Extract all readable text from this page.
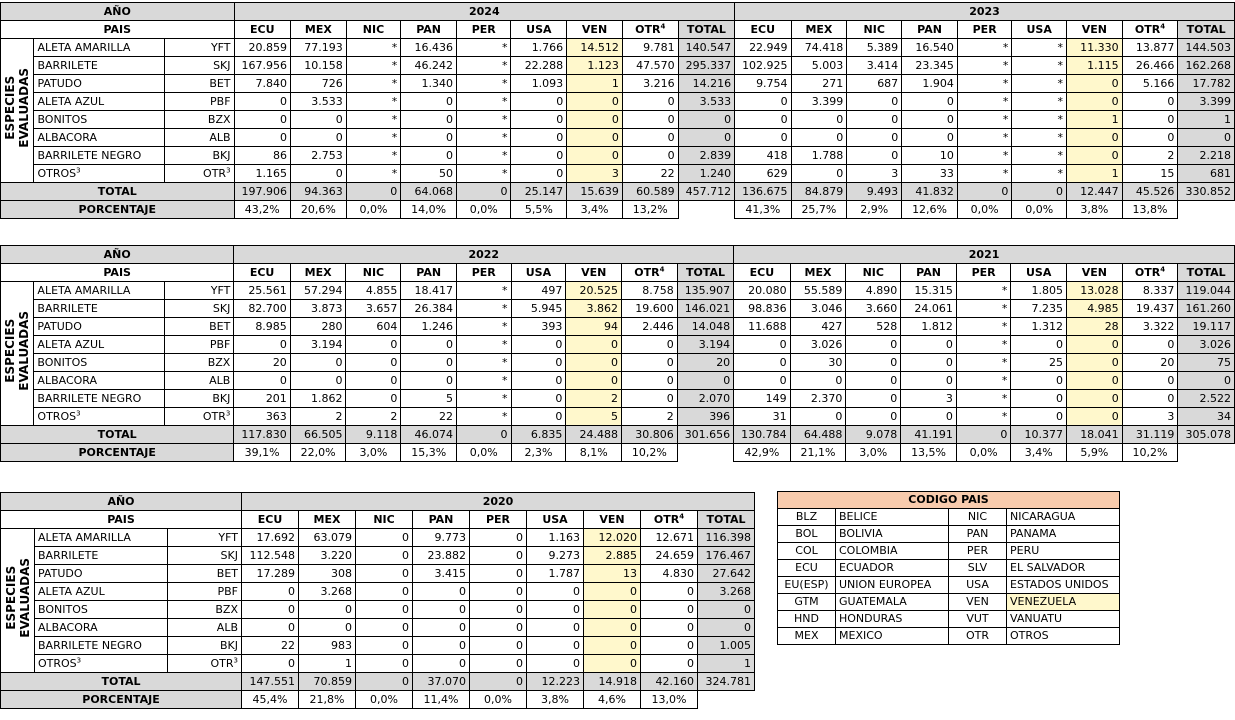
AÑO			2024									2023								
PAIS			ECU	MEX	NIC	PAN	PER	USA	VEN	OTR$^4$	TOTAL	ECU	MEX	NIC	PAN	PER	USA	VEN	OTR$^4$	TOTAL
ESPECIES
EVALUADAS	ALETA AMARILLA	YFT	20.859	77.193	*	16.436	*	1.766	14.512	9.781	140.547	22.949	74.418	5.389	16.540	*	*	11.330	13.877	144.503
	BARRILETE	SKJ	167.956	10.158	*	46.242	*	22.288	1.123	47.570	295.337	102.925	5.003	3.414	23.345	*	*	1.115	26.466	162.268
	PATUDO	BET	7.840	726	*	1.340	*	1.093	1	3.216	14.216	9.754	271	687	1.904	*	*	0	5.166	17.782
	ALETA AZUL	PBF	0	3.533	*	0	*	0	0	0	3.533	0	3.399	0	0	*	*	0	0	3.399
	BONITOS	BZX	0	0	*	0	*	0	0	0	0	0	0	0	0	*	*	1	0	1
	ALBACORA	ALB	0	0	*	0	*	0	0	0	0	0	0	0	0	*	*	0	0	0
	BARRILETE NEGRO	BKJ	86	2.753	*	0	*	0	0	0	2.839	418	1.788	0	10	*	*	0	2	2.218
	OTROS$^3$	OTR$^3$	1.165	0	*	50	*	0	3	22	1.240	629	0	3	33	*	*	1	15	681
TOTAL			197.906	94.363	0	64.068	0	25.147	15.639	60.589	457.712	136.675	84.879	9.493	41.832	0	0	12.447	45.526	330.852
PORCENTAJE			43,2%	20,6%	0,0%	14,0%	0,0%	5,5%	3,4%	13,2%		41,3%	25,7%	2,9%	12,6%	0,0%	0,0%	3,8%	13,8%	
AÑO			2022									2021								
PAIS			ECU	MEX	NIC	PAN	PER	USA	VEN	OTR$^4$	TOTAL	ECU	MEX	NIC	PAN	PER	USA	VEN	OTR$^4$	TOTAL
ESPECIES
EVALUADAS	ALETA AMARILLA	YFT	25.561	57.294	4.855	18.417	*	497	20.525	8.758	135.907	20.080	55.589	4.890	15.315	*	1.805	13.028	8.337	119.044
	BARRILETE	SKJ	82.700	3.873	3.657	26.384	*	5.945	3.862	19.600	146.021	98.836	3.046	3.660	24.061	*	7.235	4.985	19.437	161.260
	PATUDO	BET	8.985	280	604	1.246	*	393	94	2.446	14.048	11.688	427	528	1.812	*	1.312	28	3.322	19.117
	ALETA AZUL	PBF	0	3.194	0	0	*	0	0	0	3.194	0	3.026	0	0	*	0	0	0	3.026
	BONITOS	BZX	20	0	0	0	*	0	0	0	20	0	30	0	0	*	25	0	20	75
	ALBACORA	ALB	0	0	0	0	*	0	0	0	0	0	0	0	0	*	0	0	0	0
	BARRILETE NEGRO	BKJ	201	1.862	0	5	*	0	2	0	2.070	149	2.370	0	3	*	0	0	0	2.522
	OTROS$^3$	OTR$^3$	363	2	2	22	*	0	5	2	396	31	0	0	0	*	0	0	3	34
TOTAL			117.830	66.505	9.118	46.074	0	6.835	24.488	30.806	301.656	130.784	64.488	9.078	41.191	0	10.377	18.041	31.119	305.078
PORCENTAJE			39,1%	22,0%	3,0%	15,3%	0,0%	2,3%	8,1%	10,2%		42,9%	21,1%	3,0%	13,5%	0,0%	3,4%	5,9%	10,2%	
AÑO			2020								
PAIS			ECU	MEX	NIC	PAN	PER	USA	VEN	OTR$^4$	TOTAL
ESPECIES
EVALUADAS	ALETA AMARILLA	YFT	17.692	63.079	0	9.773	0	1.163	12.020	12.671	116.398
	BARRILETE	SKJ	112.548	3.220	0	23.882	0	9.273	2.885	24.659	176.467
	PATUDO	BET	17.289	308	0	3.415	0	1.787	13	4.830	27.642
	ALETA AZUL	PBF	0	3.268	0	0	0	0	0	0	3.268
	BONITOS	BZX	0	0	0	0	0	0	0	0	0
	ALBACORA	ALB	0	0	0	0	0	0	0	0	0
	BARRILETE NEGRO	BKJ	22	983	0	0	0	0	0	0	1.005
	OTROS$^3$	OTR$^3$	0	1	0	0	0	0	0	0	1
TOTAL			147.551	70.859	0	37.070	0	12.223	14.918	42.160	324.781
PORCENTAJE			45,4%	21,8%	0,0%	11,4%	0,0%	3,8%	4,6%	13,0%	
CODIGO PAIS			
BLZ	BELICE	NIC	NICARAGUA
BOL	BOLIVIA	PAN	PANAMA
COL	COLOMBIA	PER	PERU
ECU	ECUADOR	SLV	EL SALVADOR
EU(ESP)	UNION EUROPEA	USA	ESTADOS UNIDOS
GTM	GUATEMALA	VEN	VENEZUELA
HND	HONDURAS	VUT	VANUATU
MEX	MEXICO	OTR	OTROS
